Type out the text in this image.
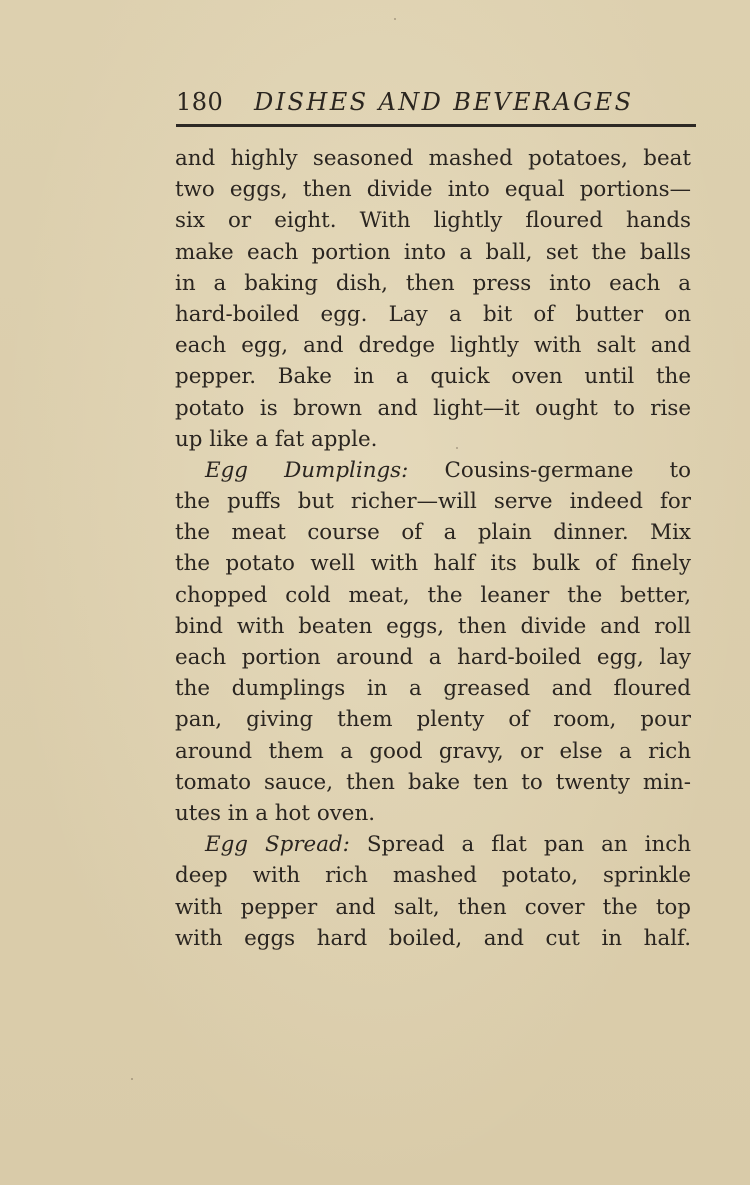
180 DISHES AND BEVERAGES
and highly seasoned mashed potatoes, beat
two eggs, then divide into equal portions—
six or eight. With lightly floured hands
make each portion into a ball, set the balls
in a baking dish, then press into each a
hard-boiled egg. Lay a bit of butter on
each egg, and dredge lightly with salt and
pepper. Bake in a quick oven until the
potato is brown and light—it ought to rise
up like a fat apple.
Egg Dumplings: Cousins-germane to
the puffs but richer—will serve indeed for
the meat course of a plain dinner. Mix
the potato well with half its bulk of finely
chopped cold meat, the leaner the better,
bind with beaten eggs, then divide and roll
each portion around a hard-boiled egg, lay
the dumplings in a greased and floured
pan, giving them plenty of room, pour
around them a good gravy, or else a rich
tomato sauce, then bake ten to twenty min-
utes in a hot oven.
Egg Spread: Spread a flat pan an inch
deep with rich mashed potato, sprinkle
with pepper and salt, then cover the top
with eggs hard boiled, and cut in half.
